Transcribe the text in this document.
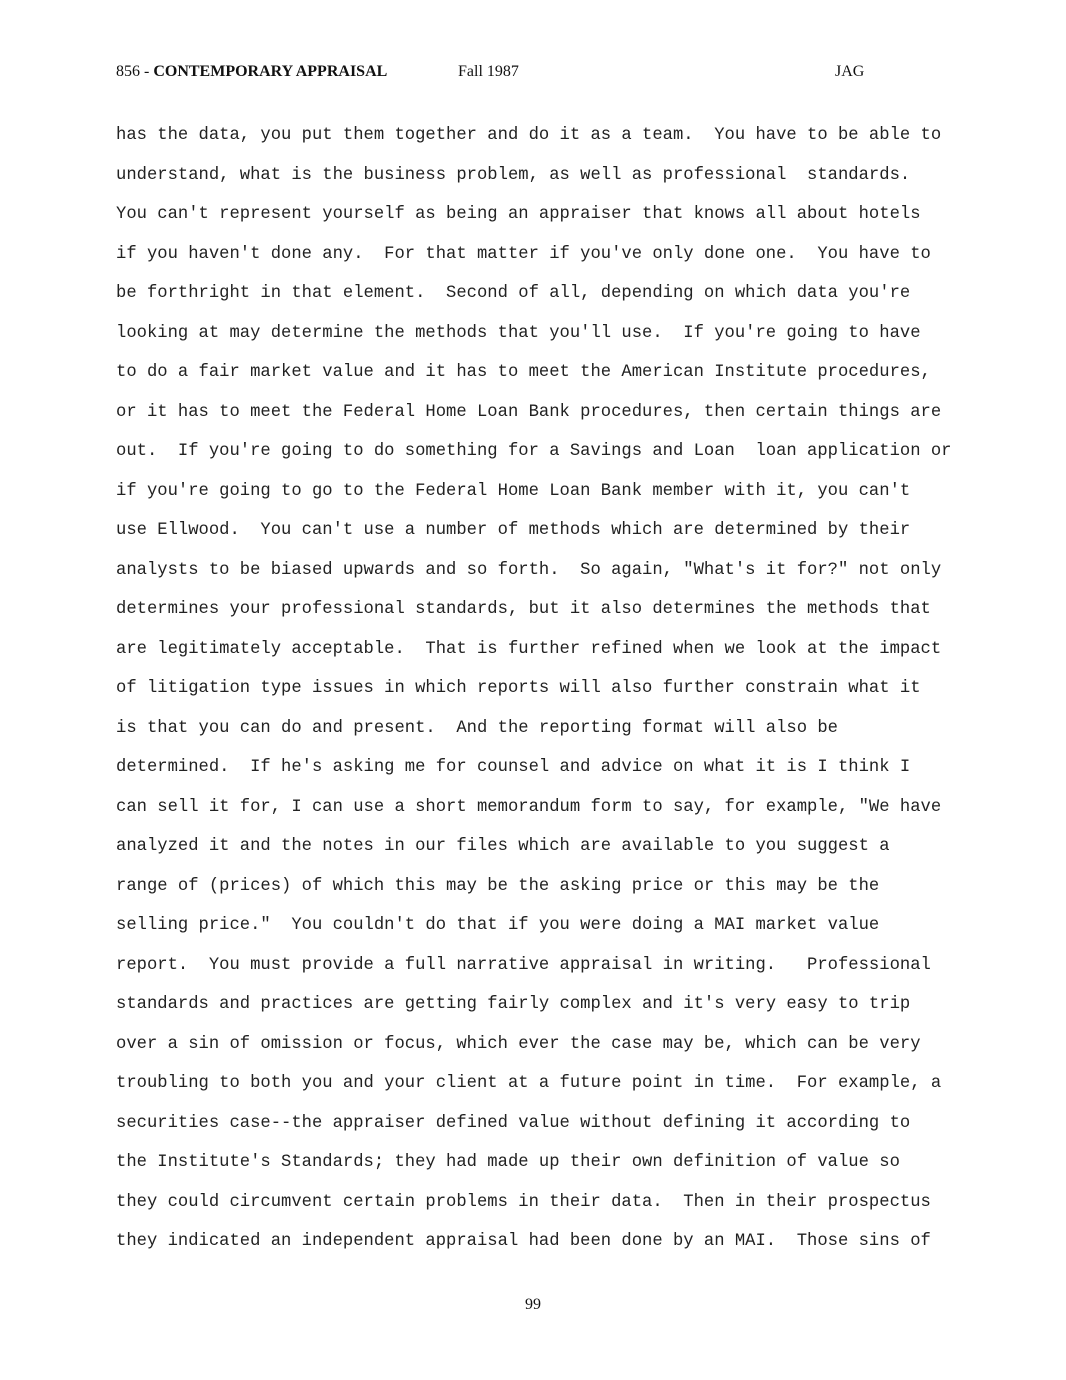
856 - CONTEMPORARY APPRAISAL	Fall 1987	JAG
has the data, you put them together and do it as a team.  You have to be able to
understand, what is the business problem, as well as professional  standards.
You can't represent yourself as being an appraiser that knows all about hotels
if you haven't done any.  For that matter if you've only done one.  You have to
be forthright in that element.  Second of all, depending on which data you're
looking at may determine the methods that you'll use.  If you're going to have
to do a fair market value and it has to meet the American Institute procedures,
or it has to meet the Federal Home Loan Bank procedures, then certain things are
out.  If you're going to do something for a Savings and Loan  loan application or
if you're going to go to the Federal Home Loan Bank member with it, you can't
use Ellwood.  You can't use a number of methods which are determined by their
analysts to be biased upwards and so forth.  So again, "What's it for?" not only
determines your professional standards, but it also determines the methods that
are legitimately acceptable.  That is further refined when we look at the impact
of litigation type issues in which reports will also further constrain what it
is that you can do and present.  And the reporting format will also be
determined.  If he's asking me for counsel and advice on what it is I think I
can sell it for, I can use a short memorandum form to say, for example, "We have
analyzed it and the notes in our files which are available to you suggest a
range of (prices) of which this may be the asking price or this may be the
selling price."  You couldn't do that if you were doing a MAI market value
report.  You must provide a full narrative appraisal in writing.   Professional
standards and practices are getting fairly complex and it's very easy to trip
over a sin of omission or focus, which ever the case may be, which can be very
troubling to both you and your client at a future point in time.  For example, a
securities case--the appraiser defined value without defining it according to
the Institute's Standards; they had made up their own definition of value so
they could circumvent certain problems in their data.  Then in their prospectus
they indicated an independent appraisal had been done by an MAI.  Those sins of
99
